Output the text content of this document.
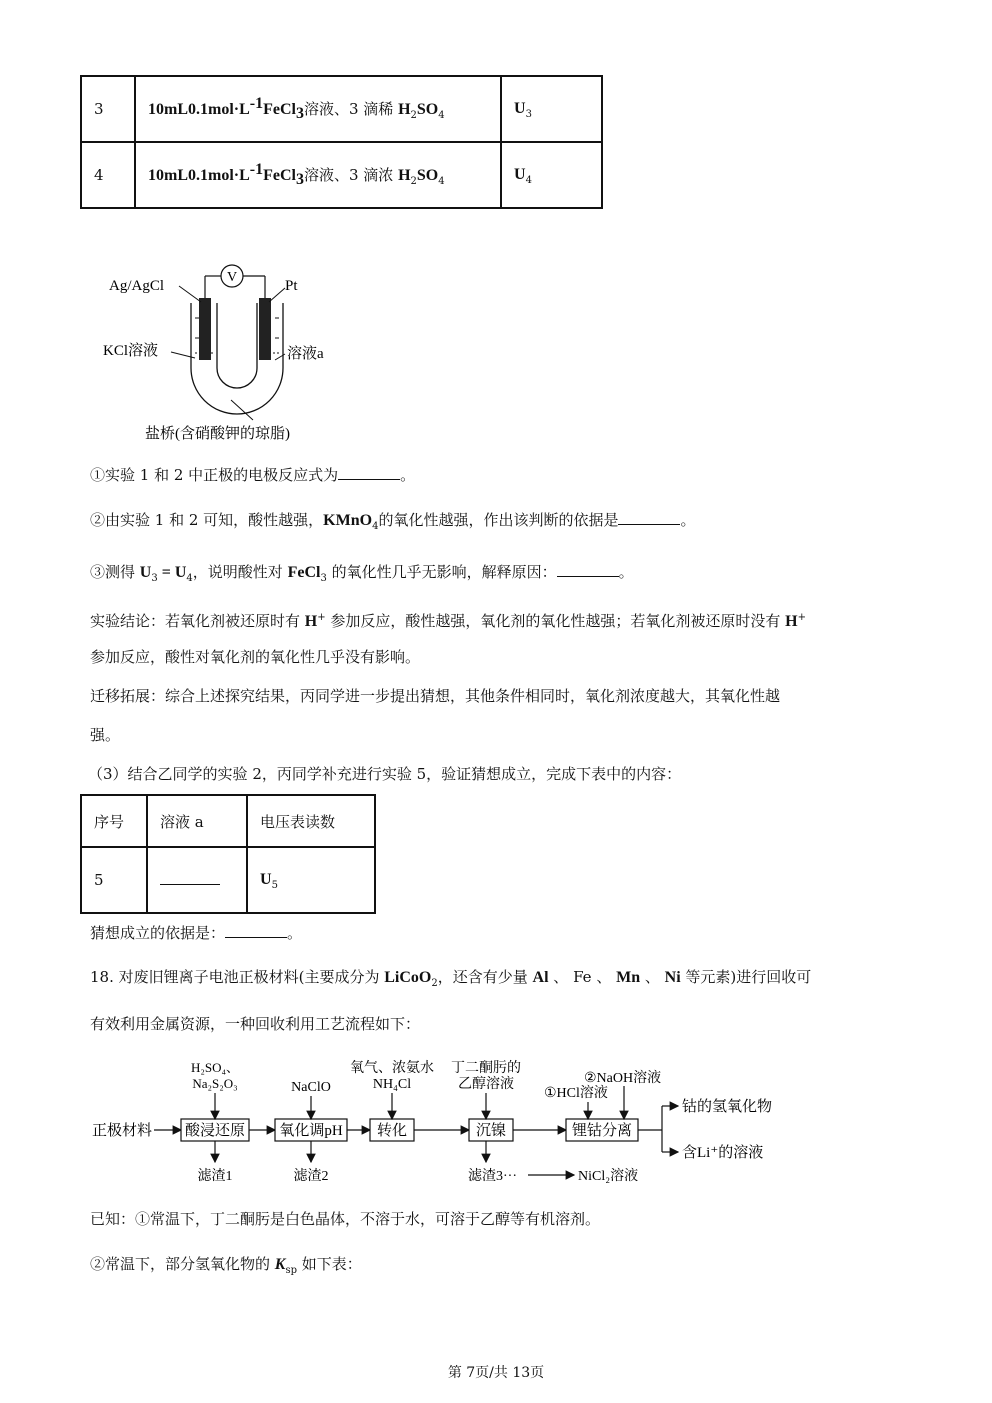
3	$10mL0.1mol\cdot L^{-1}FeCl_3$溶液、3 滴稀 $H_2SO_4$	$U_3$
4	$10mL0.1mol\cdot L^{-1}FeCl_3$溶液、3 滴浓 $H_2SO_4$	$U_4$
V
Ag/AgCl	Pt
KCl溶液	溶液a
盐桥(含硝酸钾的琼脂)
①实验 1 和 2 中正极的电极反应式为	。
②由实验 1 和 2 可知，酸性越强，KMnO$_4$的氧化性越强，作出该判断的依据是	。
③测得 $U_3 = U_4$，说明酸性对 FeCl$_3$ 的氧化性几乎无影响，解释原因：	。
实验结论：若氧化剂被还原时有 H+ 参加反应，酸性越强，氧化剂的氧化性越强；若氧化剂被还原时没有 H+
参加反应，酸性对氧化剂的氧化性几乎没有影响。
迁移拓展：综合上述探究结果，丙同学进一步提出猜想，其他条件相同时，氧化剂浓度越大，其氧化性越
强。
（3）结合乙同学的实验 2，丙同学补充进行实验 5，验证猜想成立，完成下表中的内容：
序号	溶液 a	电压表读数
5		$U_5$
猜想成立的依据是：	。
18. 对废旧锂离子电池正极材料(主要成分为 LiCoO$_2$，还含有少量 Al 、 Fe 、 Mn 、 Ni 等元素)进行回收可
有效利用金属资源，一种回收利用工艺流程如下：
正极材料 酸浸还原 氧化调pH 转化	沉镍	锂钴分离
钴的氢氧化物
含Li⁺的溶液
H₂SO₄、
Na₂S₂O₃	NaClO
氧气、浓氨水
NH₄Cl
丁二酮肟的
乙醇溶液
①HCl溶液
②NaOH溶液
滤渣1	滤渣2	滤渣3···	NiCl₂溶液
已知：①常温下，丁二酮肟是白色晶体，不溶于水，可溶于乙醇等有机溶剂。
②常温下，部分氢氧化物的 $K_{sp}$ 如下表：
第 7页/共 13页
